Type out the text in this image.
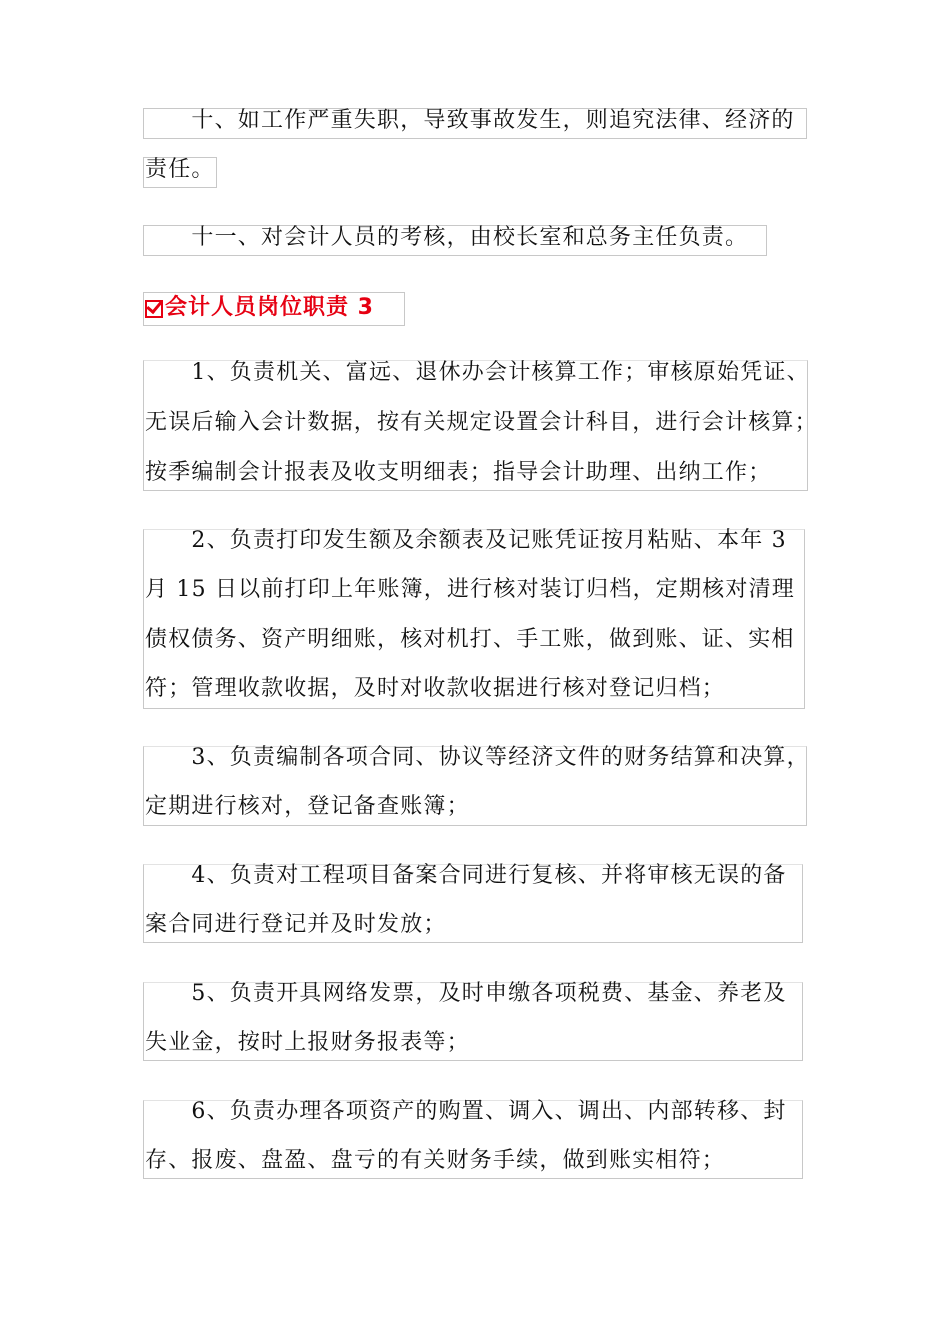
　　十、如工作严重失职，导致事故发生，则追究法律、经济的
责任。
　　十一、对会计人员的考核，由校长室和总务主任负责。
会计人员岗位职责 3
　　1、负责机关、富远、退休办会计核算工作；审核原始凭证、
无误后输入会计数据，按有关规定设置会计科目，进行会计核算；
按季编制会计报表及收支明细表；指导会计助理、出纳工作；
　　2、负责打印发生额及余额表及记账凭证按月粘贴、本年 3
月 15 日以前打印上年账簿，进行核对装订归档，定期核对清理
债权债务、资产明细账，核对机打、手工账，做到账、证、实相
符；管理收款收据，及时对收款收据进行核对登记归档；
　　3、负责编制各项合同、协议等经济文件的财务结算和决算，
定期进行核对，登记备查账簿；
　　4、负责对工程项目备案合同进行复核、并将审核无误的备
案合同进行登记并及时发放；
　　5、负责开具网络发票，及时申缴各项税费、基金、养老及
失业金，按时上报财务报表等；
　　6、负责办理各项资产的购置、调入、调出、内部转移、封
存、报废、盘盈、盘亏的有关财务手续，做到账实相符；
